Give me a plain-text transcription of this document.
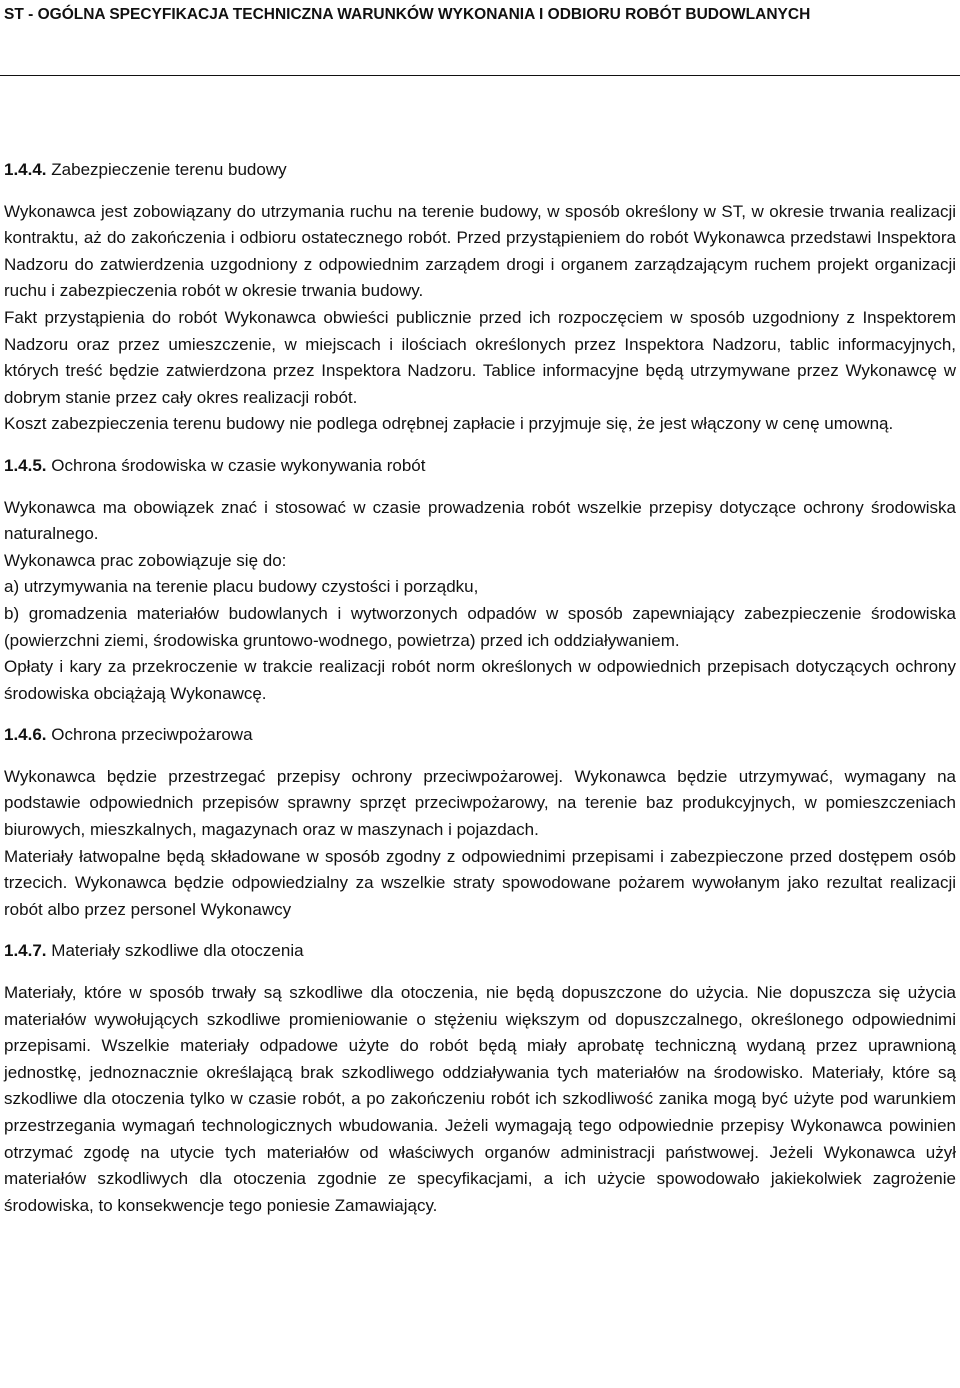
ST - OGÓLNA SPECYFIKACJA TECHNICZNA WARUNKÓW WYKONANIA I ODBIORU ROBÓT BUDOWLANYCH
1.4.4. Zabezpieczenie terenu budowy

Wykonawca jest zobowiązany do utrzymania ruchu na terenie budowy, w sposób określony w ST, w okresie trwania realizacji kontraktu, aż do zakończenia i odbioru ostatecznego robót. Przed przystąpieniem do robót Wykonawca przedstawi Inspektora Nadzoru do zatwierdzenia uzgodniony z odpowiednim zarządem drogi i organem zarządzającym ruchem projekt organizacji ruchu i zabezpieczenia robót w okresie trwania budowy.

Fakt przystąpienia do robót Wykonawca obwieści publicznie przed ich rozpoczęciem w sposób uzgodniony z Inspektorem Nadzoru oraz przez umieszczenie, w miejscach i ilościach określonych przez Inspektora Nadzoru, tablic informacyjnych, których treść będzie zatwierdzona przez Inspektora Nadzoru. Tablice informacyjne będą utrzymywane przez Wykonawcę w dobrym stanie przez cały okres realizacji robót.

Koszt zabezpieczenia terenu budowy nie podlega odrębnej zapłacie i przyjmuje się, że jest włączony w cenę umowną.

1.4.5. Ochrona środowiska w czasie wykonywania robót

Wykonawca ma obowiązek znać i stosować w czasie prowadzenia robót wszelkie przepisy dotyczące ochrony środowiska naturalnego.

Wykonawca prac zobowiązuje się do:

a) utrzymywania na terenie placu budowy czystości i porządku,

b) gromadzenia materiałów budowlanych i wytworzonych odpadów w sposób zapewniający zabezpieczenie środowiska (powierzchni ziemi, środowiska gruntowo-wodnego, powietrza) przed ich oddziaływaniem.

Opłaty i kary za przekroczenie w trakcie realizacji robót norm określonych w odpowiednich przepisach dotyczących ochrony środowiska obciążają Wykonawcę.

1.4.6. Ochrona przeciwpożarowa

Wykonawca będzie przestrzegać przepisy ochrony przeciwpożarowej. Wykonawca będzie utrzymywać, wymagany na podstawie odpowiednich przepisów sprawny sprzęt przeciwpożarowy, na terenie baz produkcyjnych, w pomieszczeniach biurowych, mieszkalnych, magazynach oraz w maszynach i pojazdach.

Materiały łatwopalne będą składowane w sposób zgodny z odpowiednimi przepisami i zabezpieczone przed dostępem osób trzecich. Wykonawca będzie odpowiedzialny za wszelkie straty spowodowane pożarem wywołanym jako rezultat realizacji robót albo przez personel Wykonawcy

1.4.7. Materiały szkodliwe dla otoczenia

Materiały, które w sposób trwały są szkodliwe dla otoczenia, nie będą dopuszczone do użycia. Nie dopuszcza się użycia materiałów wywołujących szkodliwe promieniowanie o stężeniu większym od dopuszczalnego, określonego odpowiednimi przepisami. Wszelkie materiały odpadowe użyte do robót będą miały aprobatę techniczną wydaną przez uprawnioną jednostkę, jednoznacznie określającą brak szkodliwego oddziaływania tych materiałów na środowisko. Materiały, które są szkodliwe dla otoczenia tylko w czasie robót, a po zakończeniu robót ich szkodliwość zanika mogą być użyte pod warunkiem przestrzegania wymagań technologicznych wbudowania. Jeżeli wymagają tego odpowiednie przepisy Wykonawca powinien otrzymać zgodę na utycie tych materiałów od właściwych organów administracji państwowej. Jeżeli Wykonawca użył materiałów szkodliwych dla otoczenia zgodnie ze specyfikacjami, a ich użycie spowodowało jakiekolwiek zagrożenie środowiska, to konsekwencje tego poniesie Zamawiający.
